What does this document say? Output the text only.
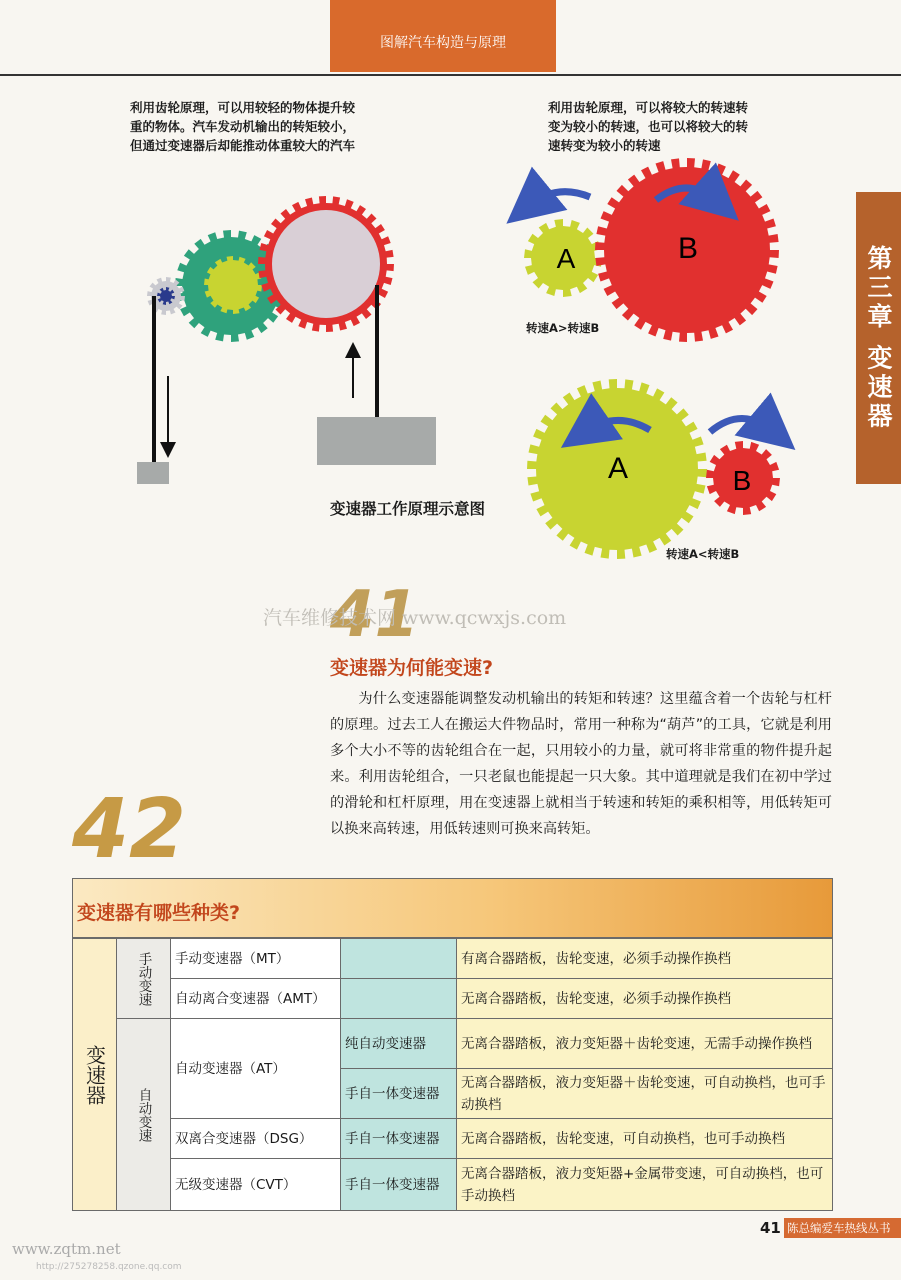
图解汽车构造与原理
第三章 变速器
利用齿轮原理，可以用较轻的物体提升较重的物体。汽车发动机输出的转矩较小，但通过变速器后却能推动体重较大的汽车
利用齿轮原理，可以将较大的转速转变为较小的转速，也可以将较大的转速转变为较小的转速
A	B
A	B
转速A>转速B
转速A<转速B
变速器工作原理示意图
41
汽车维修技术网 www.qcwxjs.com
变速器为何能变速?
为什么变速器能调整发动机输出的转矩和转速？这里蕴含着一个齿轮与杠杆的原理。过去工人在搬运大件物品时，常用一种称为“葫芦”的工具，它就是利用多个大小不等的齿轮组合在一起，只用较小的力量，就可将非常重的物件提升起来。利用齿轮组合，一只老鼠也能提起一只大象。其中道理就是我们在初中学过的滑轮和杠杆原理，用在变速器上就相当于转速和转矩的乘积相等，用低转矩可以换来高转速，用低转速则可换来高转矩。
42
变速器有哪些种类?
变速器	手动变速	手动变速器（MT）		有离合器踏板，齿轮变速，必须手动操作换档
		自动离合变速器（AMT）		无离合器踏板，齿轮变速，必须手动操作换档
	自动变速	自动变速器（AT）	纯自动变速器	无离合器踏板，液力变矩器＋齿轮变速，无需手动操作换档
			手自一体变速器	无离合器踏板，液力变矩器＋齿轮变速，可自动换档，也可手动换档
		双离合变速器（DSG）	手自一体变速器	无离合器踏板，齿轮变速，可自动换档，也可手动换档
		无级变速器（CVT）	手自一体变速器	无离合器踏板，液力变矩器+金属带变速，可自动换档，也可手动换档
41 陈总编爱车热线丛书
www.zqtm.net
http://275278258.qzone.qq.com
